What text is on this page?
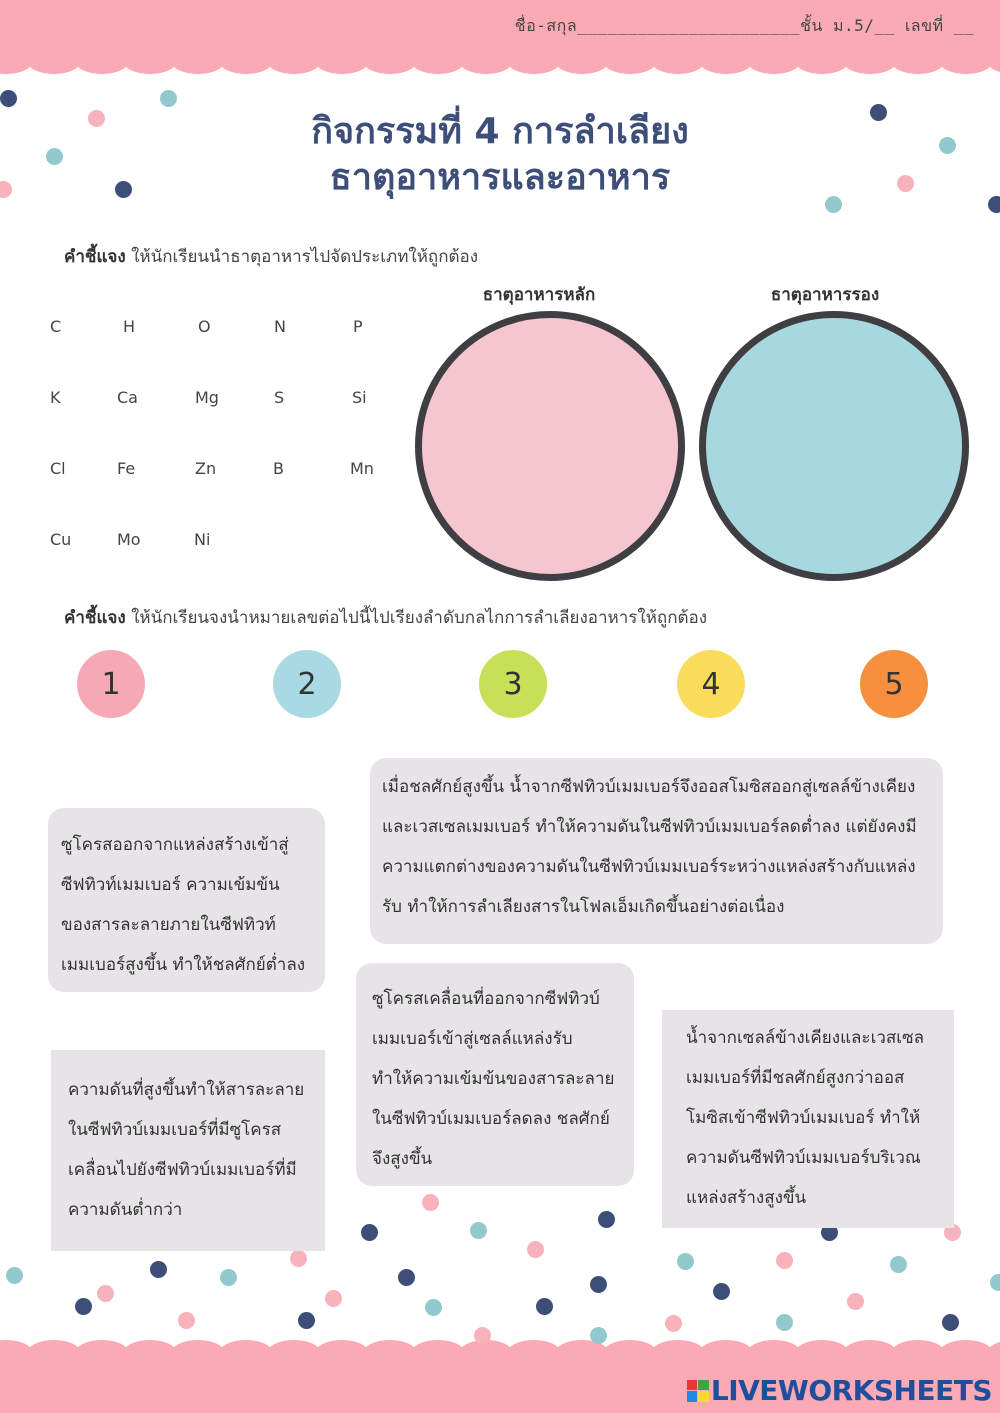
ชื่อ-สกุล______________________ชั้น ม.5/__ เลขที่ __
กิจกรรมที่ 4 การลำเลียง
ธาตุอาหารและอาหาร
คำชี้แจง ให้นักเรียนนำธาตุอาหารไปจัดประเภทให้ถูกต้อง
C	H	O	N	P
K	Ca	Mg	S	Si
Cl	Fe	Zn	B	Mn
Cu	Mo	Ni
ธาตุอาหารหลัก	ธาตุอาหารรอง
คำชี้แจง ให้นักเรียนจงนำหมายเลขต่อไปนี้ไปเรียงลำดับกลไกการลำเลียงอาหารให้ถูกต้อง
1	2	3	4	5
เมื่อชลศักย์สูงขึ้น น้ำจากซีฟทิวบ์เมมเบอร์จึงออสโมซิสออกสู่เซลล์ข้างเคียง
และเวสเซลเมมเบอร์ ทำให้ความดันในซีฟทิวบ์เมมเบอร์ลดต่ำลง แต่ยังคงมี
ความแตกต่างของความดันในซีฟทิวบ์เมมเบอร์ระหว่างแหล่งสร้างกับแหล่ง
รับ ทำให้การลำเลียงสารในโฟลเอ็มเกิดขึ้นอย่างต่อเนื่อง
ซูโครสออกจากแหล่งสร้างเข้าสู่
ซีฟทิวท์เมมเบอร์ ความเข้มข้น
ของสารละลายภายในซีฟทิวท์
เมมเบอร์สูงขึ้น ทำให้ชลศักย์ต่ำลง
ซูโครสเคลื่อนที่ออกจากซีฟทิวบ์
เมมเบอร์เข้าสู่เซลล์แหล่งรับ
ทำให้ความเข้มข้นของสารละลาย
ในซีฟทิวบ์เมมเบอร์ลดลง ชลศักย์
จึงสูงขึ้น
ความดันที่สูงขึ้นทำให้สารละลาย
ในซีฟทิวบ์เมมเบอร์ที่มีซูโครส
เคลื่อนไปยังซีฟทิวบ์เมมเบอร์ที่มี
ความดันต่ำกว่า
น้ำจากเซลล์ข้างเคียงและเวสเซล
เมมเบอร์ที่มีชลศักย์สูงกว่าออส
โมซิสเข้าซีฟทิวบ์เมมเบอร์ ทำให้
ความดันซีฟทิวบ์เมมเบอร์บริเวณ
แหล่งสร้างสูงขึ้น
LIVEWORKSHEETS
